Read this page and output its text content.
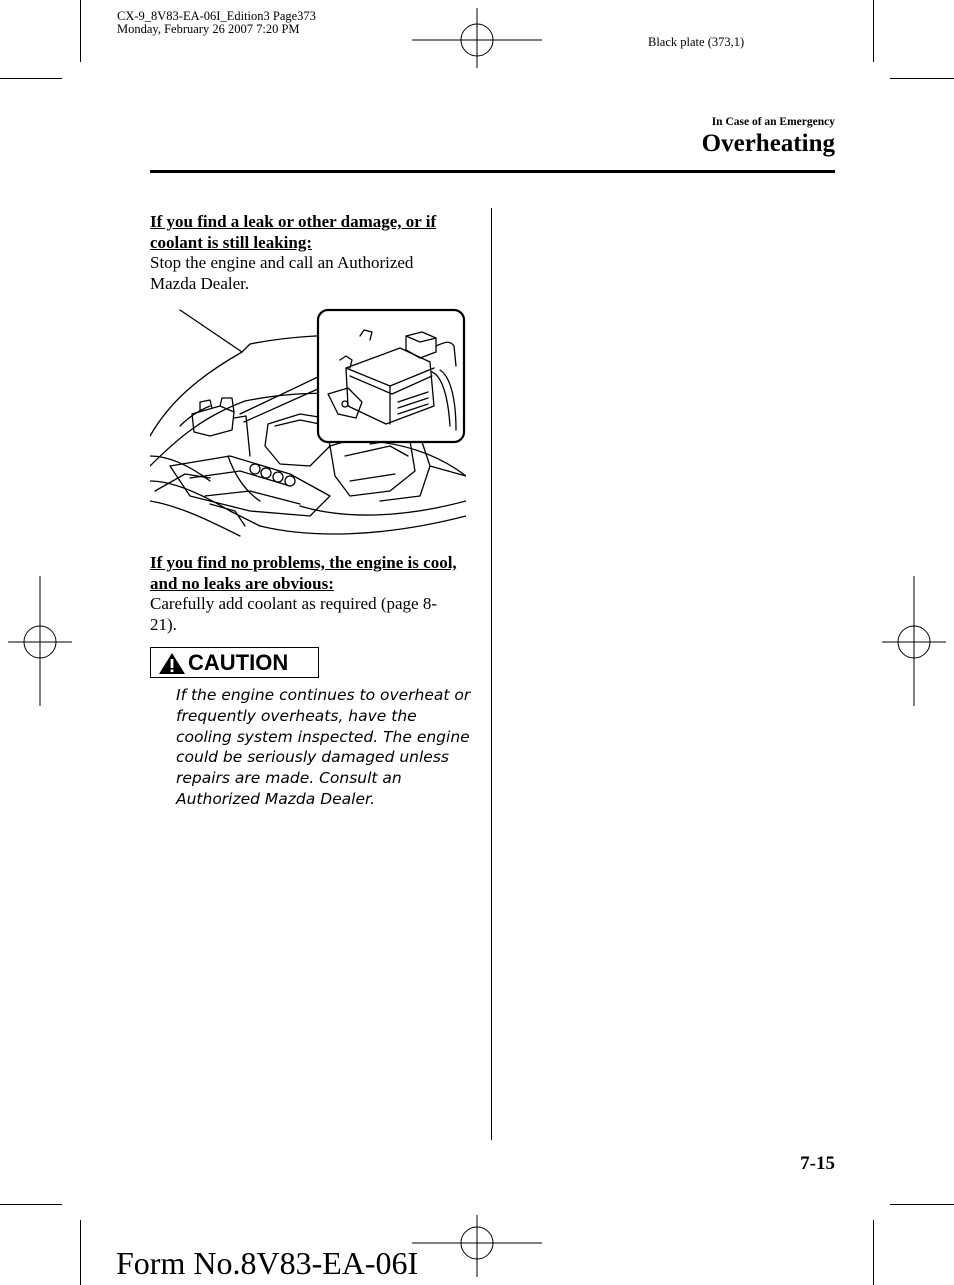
CX-9_8V83-EA-06I_Edition3 Page373
Monday, February 26 2007 7:20 PM
Black plate (373,1)
In Case of an Emergency
Overheating
If you find a leak or other damage, or if coolant is still leaking:
Stop the engine and call an Authorized Mazda Dealer.
If you find no problems, the engine is cool, and no leaks are obvious:
Carefully add coolant as required (page 8-21).
CAUTION
If the engine continues to overheat or frequently overheats, have the cooling system inspected. The engine could be seriously damaged unless repairs are made. Consult an Authorized Mazda Dealer.
7-15
Form No.8V83-EA-06I
